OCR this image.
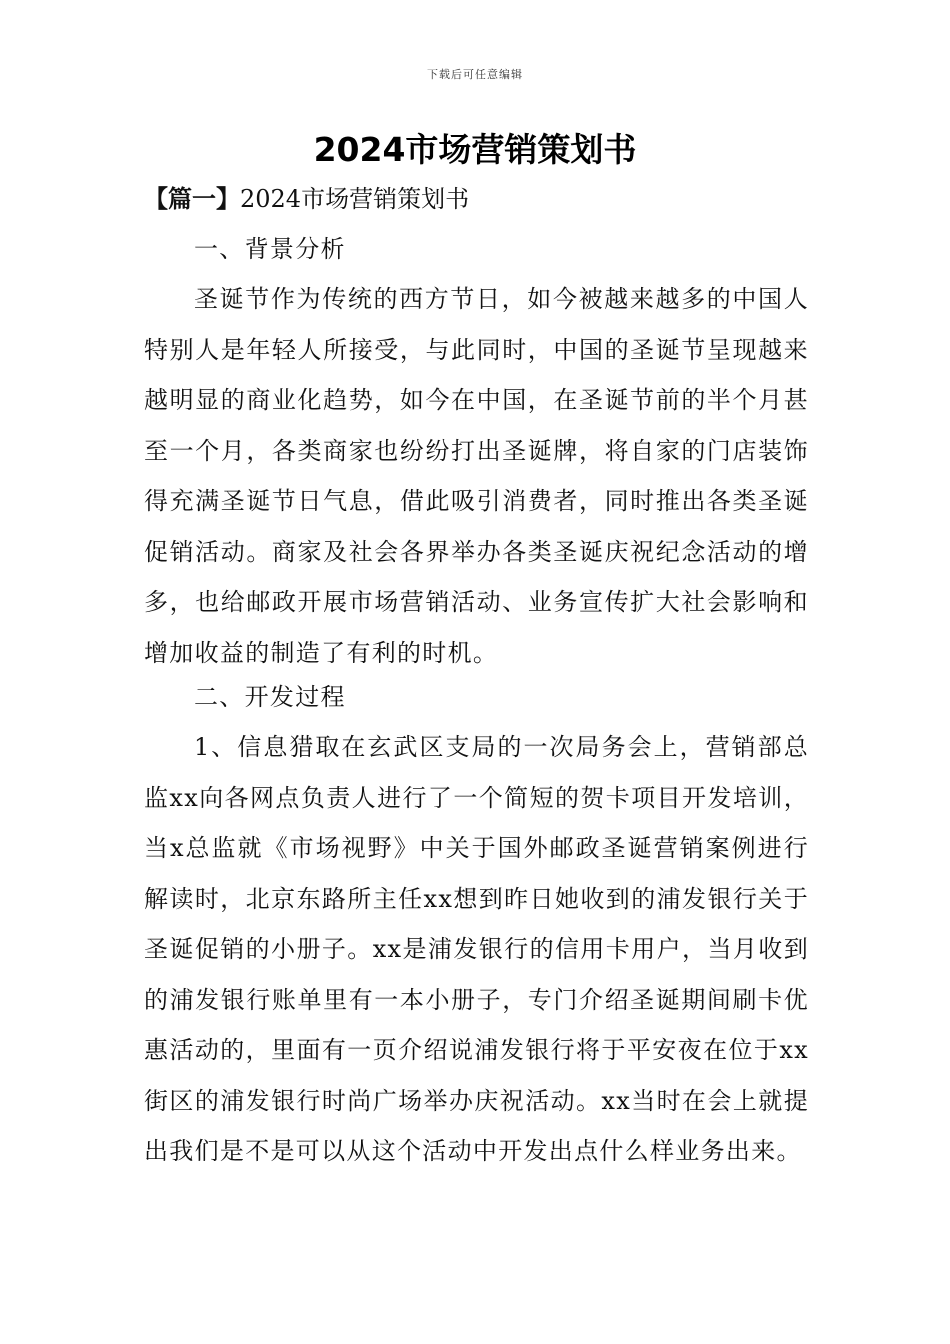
下载后可任意编辑
2024市场营销策划书
【篇一】2024市场营销策划书
一、背景分析

圣诞节作为传统的西方节日，如今被越来越多的中国人特别人是年轻人所接受，与此同时，中国的圣诞节呈现越来越明显的商业化趋势，如今在中国，在圣诞节前的半个月甚至一个月，各类商家也纷纷打出圣诞牌，将自家的门店装饰得充满圣诞节日气息，借此吸引消费者，同时推出各类圣诞促销活动。商家及社会各界举办各类圣诞庆祝纪念活动的增多，也给邮政开展市场营销活动、业务宣传扩大社会影响和增加收益的制造了有利的时机。

二、开发过程

1、信息猎取在玄武区支局的一次局务会上，营销部总监xx向各网点负责人进行了一个简短的贺卡项目开发培训，当x总监就《市场视野》中关于国外邮政圣诞营销案例进行解读时，北京东路所主任xx想到昨日她收到的浦发银行关于圣诞促销的小册子。xx是浦发银行的信用卡用户，当月收到的浦发银行账单里有一本小册子，专门介绍圣诞期间刷卡优惠活动的，里面有一页介绍说浦发银行将于平安夜在位于xx街区的浦发银行时尚广场举办庆祝活动。xx当时在会上就提出我们是不是可以从这个活动中开发出点什么样业务出来。
